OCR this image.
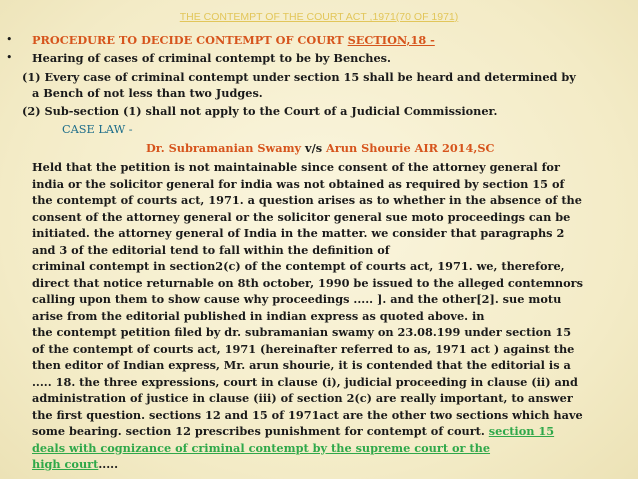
THE CONTEMPT OF THE COURT ACT ,1971(70 OF 1971)
• PROCEDURE TO DECIDE CONTEMPT OF COURT SECTION,18 -
• Hearing of cases of criminal contempt to be by Benches.
(1) Every case of criminal contempt under section 15 shall be heard and determined by
a Bench of not less than two Judges.
(2) Sub-section (1) shall not apply to the Court of a Judicial Commissioner.
CASE LAW -
Dr. Subramanian Swamy v/s Arun Shourie AIR 2014,SC
Held that the petition is not maintainable since consent of the attorney general for
india or the solicitor general for india was not obtained as required by section 15 of
the contempt of courts act, 1971. a question arises as to whether in the absence of the
consent of the attorney general or the solicitor general sue moto proceedings can be
initiated. the attorney general of India in the matter. we consider that paragraphs 2
and 3 of the editorial tend to fall within the definition of
criminal contempt in section2(c) of the contempt of courts act, 1971. we, therefore,
direct that notice returnable on 8th october, 1990 be issued to the alleged contemnors
calling upon them to show cause why proceedings ..... ]. and the other[2]. sue motu
arise from the editorial published in indian express as quoted above. in
the contempt petition filed by dr. subramanian swamy on 23.08.199 under section 15
of the contempt of courts act, 1971 (hereinafter referred to as, 1971 act ) against the
then editor of Indian express, Mr. arun shourie, it is contended that the editorial is a
..... 18. the three expressions, court in clause (i), judicial proceeding in clause (ii) and
administration of justice in clause (iii) of section 2(c) are really important, to answer
the first question. sections 12 and 15 of 1971act are the other two sections which have
some bearing. section 12 prescribes punishment for contempt of court. section 15
deals with cognizance of criminal contempt by the supreme court or the
high court.....
